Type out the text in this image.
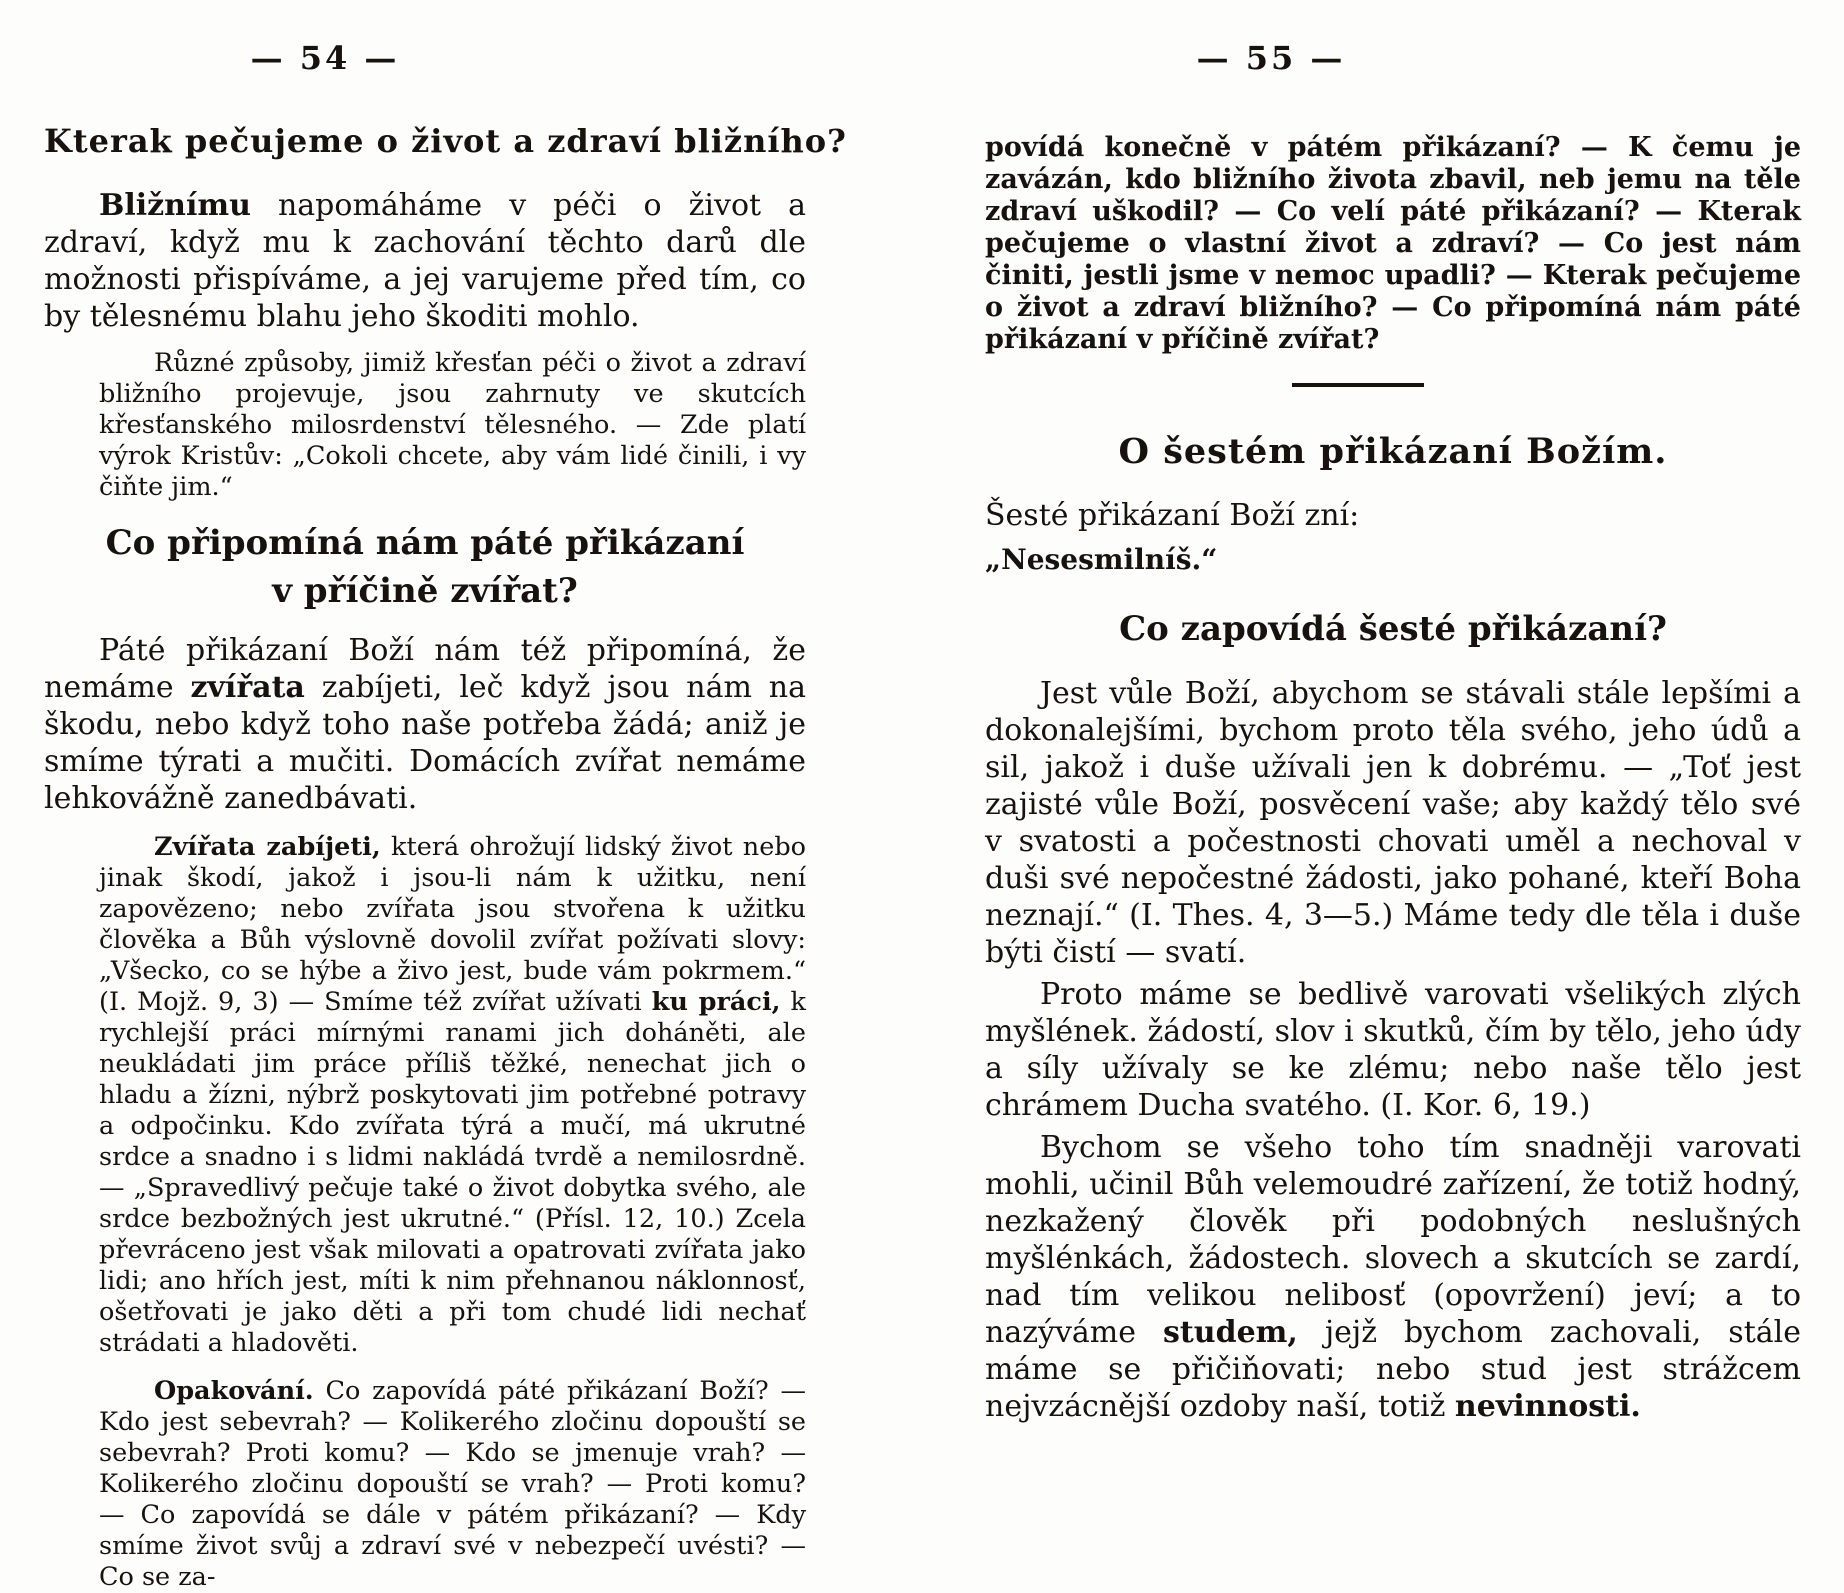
— 54 —
Kterak pečujeme o život a zdraví bližního?

Bližnímu napomáháme v péči o život a zdraví, když mu k zachování těchto darů dle možnosti přispíváme, a jej varujeme před tím, co by tělesnému blahu jeho škoditi mohlo.

Různé způsoby, jimiž křesťan péči o život a zdraví bližního projevuje, jsou zahrnuty ve skutcích křesťanského milosrdenství tělesného. — Zde platí výrok Kristův: „Cokoli chcete, aby vám lidé činili, i vy čiňte jim.“

Co připomíná nám páté přikázaní
v příčině zvířat?

Páté přikázaní Boží nám též připomíná, že nemáme zvířata zabíjeti, leč když jsou nám na škodu, nebo když toho naše potřeba žádá; aniž je smíme týrati a mučiti. Domácích zvířat nemáme lehkovážně zanedbávati.

Zvířata zabíjeti, která ohrožují lidský život nebo jinak škodí, jakož i jsou-li nám k užitku, není zapovězeno; nebo zvířata jsou stvořena k užitku člověka a Bůh výslovně dovolil zvířat požívati slovy: „Všecko, co se hýbe a živo jest, bude vám pokrmem.“ (I. Mojž. 9, 3) — Smíme též zvířat užívati ku práci, k rychlejší práci mírnými ranami jich doháněti, ale neukládati jim práce příliš těžké, nenechat jich o hladu a žízni, nýbrž poskytovati jim potřebné potravy a odpočinku. Kdo zvířata týrá a mučí, má ukrutné srdce a snadno i s lidmi nakládá tvrdě a nemilosrdně. — „Spravedlivý pečuje také o život dobytka svého, ale srdce bezbožných jest ukrutné.“ (Přísl. 12, 10.) Zcela převráceno jest však milovati a opatrovati zvířata jako lidi; ano hřích jest, míti k nim přehnanou náklonnosť, ošetřovati je jako děti a při tom chudé lidi nechať strádati a hladověti.

Opakování. Co zapovídá páté přikázaní Boží? — Kdo jest sebevrah? — Kolikerého zločinu dopouští se sebevrah? Proti komu? — Kdo se jmenuje vrah? — Kolikerého zločinu dopouští se vrah? — Proti komu? — Co zapovídá se dále v pátém přikázaní? — Kdy smíme život svůj a zdraví své v nebezpečí uvésti? — Co se za-

— 55 —

povídá konečně v pátém přikázaní? — K čemu je zavázán, kdo bližního života zbavil, neb jemu na těle zdraví uškodil? — Co velí páté přikázaní? — Kterak pečujeme o vlastní život a zdraví? — Co jest nám činiti, jestli jsme v nemoc upadli? — Kterak pečujeme o život a zdraví bližního? — Co připomíná nám páté přikázaní v příčině zvířat?

O šestém přikázaní Božím.

Šesté přikázaní Boží zní:

„Nesesmilníš.“

Co zapovídá šesté přikázaní?

Jest vůle Boží, abychom se stávali stále lepšími a dokonalejšími, bychom proto těla svého, jeho údů a sil, jakož i duše užívali jen k dobrému. — „Toť jest zajisté vůle Boží, posvěcení vaše; aby každý tělo své v svatosti a počestnosti chovati uměl a nechoval v duši své nepočestné žádosti, jako pohané, kteří Boha neznají.“ (I. Thes. 4, 3—5.) Máme tedy dle těla i duše býti čistí — svatí.

Proto máme se bedlivě varovati všelikých zlých myšlének. žádostí, slov i skutků, čím by tělo, jeho údy a síly užívaly se ke zlému; nebo naše tělo jest chrámem Ducha svatého. (I. Kor. 6, 19.)

Bychom se všeho toho tím snadněji varovati mohli, učinil Bůh velemoudré zařízení, že totiž hodný, nezkažený člověk při podobných neslušných myšlénkách, žádostech. slovech a skutcích se zardí, nad tím velikou nelibosť (opovržení) jeví; a to nazýváme studem, jejž bychom zachovali, stále máme se přičiňovati; nebo stud jest strážcem nejvzácnější ozdoby naší, totiž nevinnosti.
